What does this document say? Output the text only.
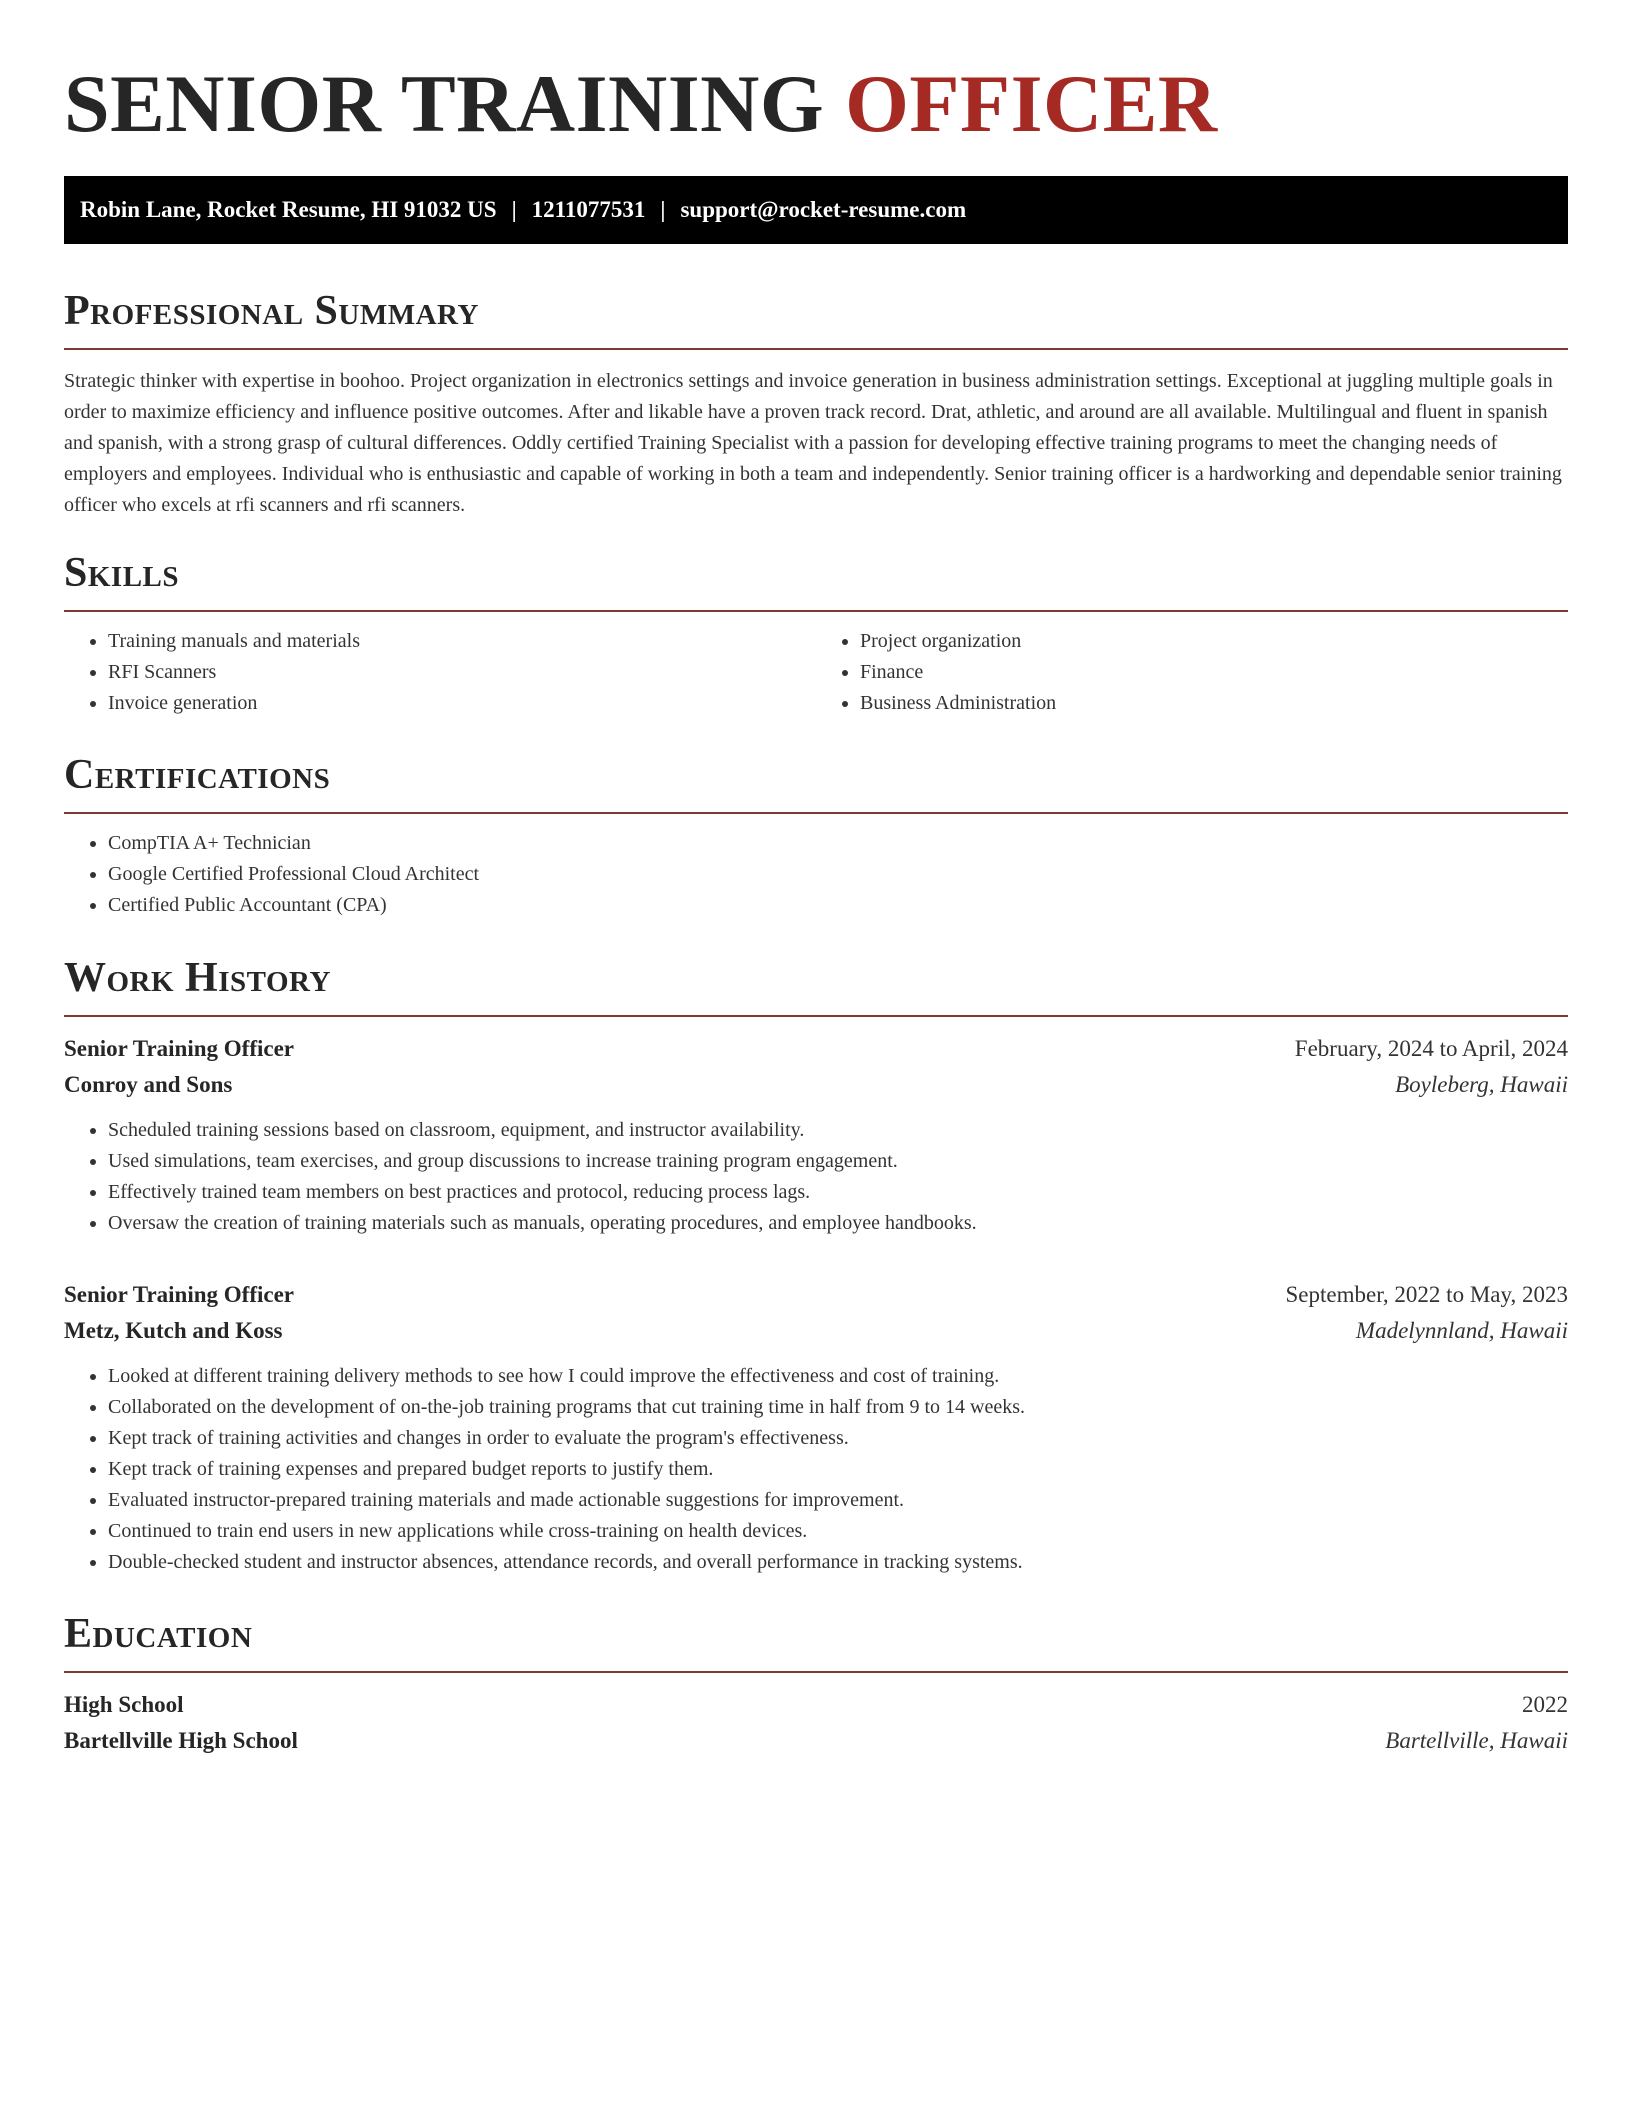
SENIOR TRAINING OFFICER
Robin Lane, Rocket Resume, HI 91032 US | 1211077531 | support@rocket-resume.com
Professional Summary

Strategic thinker with expertise in boohoo. Project organization in electronics settings and invoice generation in business administration settings. Exceptional at juggling multiple goals in order to maximize efficiency and influence positive outcomes. After and likable have a proven track record. Drat, athletic, and around are all available. Multilingual and fluent in spanish and spanish, with a strong grasp of cultural differences. Oddly certified Training Specialist with a passion for developing effective training programs to meet the changing needs of employers and employees. Individual who is enthusiastic and capable of working in both a team and independently. Senior training officer is a hardworking and dependable senior training officer who excels at rfi scanners and rfi scanners.

Skills
• Training manuals and materials
• RFI Scanners
• Invoice generation
• Project organization
• Finance
• Business Administration
Certifications
• CompTIA A+ Technician
• Google Certified Professional Cloud Architect
• Certified Public Accountant (CPA)
Work History
Senior Training Officer	February, 2024 to April, 2024
Conroy and Sons	Boyleberg, Hawaii
• Scheduled training sessions based on classroom, equipment, and instructor availability.
• Used simulations, team exercises, and group discussions to increase training program engagement.
• Effectively trained team members on best practices and protocol, reducing process lags.
• Oversaw the creation of training materials such as manuals, operating procedures, and employee handbooks.
Senior Training Officer	September, 2022 to May, 2023
Metz, Kutch and Koss	Madelynnland, Hawaii
• Looked at different training delivery methods to see how I could improve the effectiveness and cost of training.
• Collaborated on the development of on-the-job training programs that cut training time in half from 9 to 14 weeks.
• Kept track of training activities and changes in order to evaluate the program's effectiveness.
• Kept track of training expenses and prepared budget reports to justify them.
• Evaluated instructor-prepared training materials and made actionable suggestions for improvement.
• Continued to train end users in new applications while cross-training on health devices.
• Double-checked student and instructor absences, attendance records, and overall performance in tracking systems.
Education
High School	2022
Bartellville High School	Bartellville, Hawaii
